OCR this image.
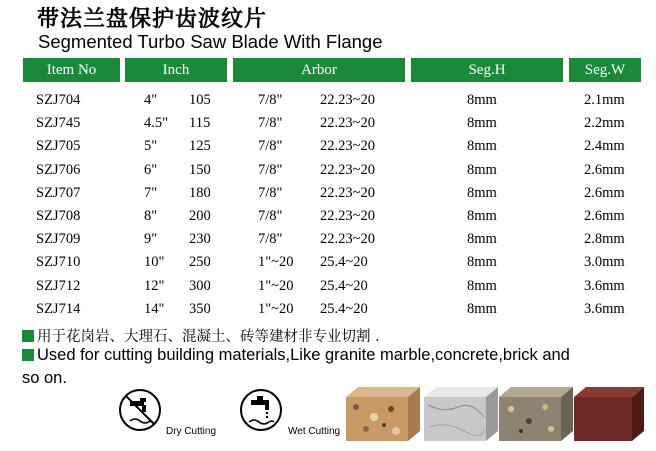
带法兰盘保护齿波纹片
Segmented Turbo Saw Blade With Flange
Item No	Inch	Arbor	Seg.H	Seg.W
SZJ704	4" 105	7/8"	22.23~20	8mm	2.1mm
SZJ745	4.5" 115	7/8"	22.23~20	8mm	2.2mm
SZJ705	5" 125	7/8"	22.23~20	8mm	2.4mm
SZJ706	6" 150	7/8"	22.23~20	8mm	2.6mm
SZJ707	7" 180	7/8"	22.23~20	8mm	2.6mm
SZJ708	8" 200	7/8"	22.23~20	8mm	2.6mm
SZJ709	9" 230	7/8"	22.23~20	8mm	2.8mm
SZJ710	10" 250	1"~20 25.4~20	8mm	3.0mm
SZJ712	12" 300	1"~20 25.4~20	8mm	3.6mm
SZJ714	14" 350	1"~20 25.4~20	8mm	3.6mm
用于花岗岩、大理石、混凝土、砖等建材非专业切割 .
Used for cutting building materials,Like granite marble,concrete,brick and
so on.
Dry Cutting	Wet Cutting
